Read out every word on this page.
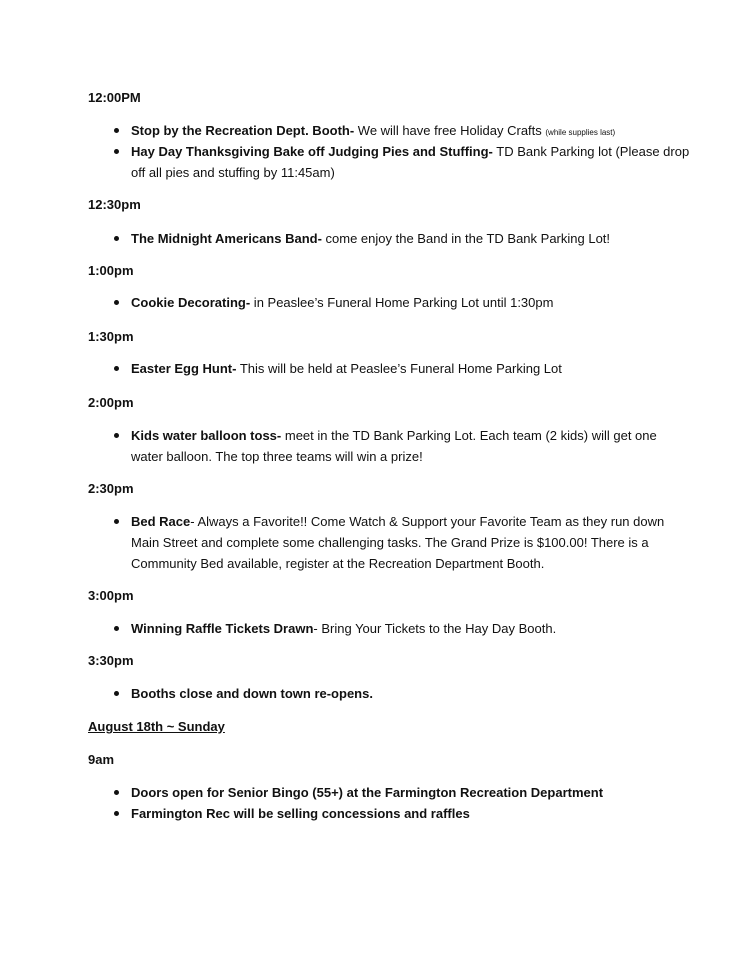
12:00PM
Stop by the Recreation Dept. Booth- We will have free Holiday Crafts (while supplies last)
Hay Day Thanksgiving Bake off Judging Pies and Stuffing- TD Bank Parking lot (Please drop off all pies and stuffing by 11:45am)
12:30pm
The Midnight Americans Band- come enjoy the Band in the TD Bank Parking Lot!
1:00pm
Cookie Decorating- in Peaslee’s Funeral Home Parking Lot until 1:30pm
1:30pm
Easter Egg Hunt- This will be held at Peaslee’s Funeral Home Parking Lot
2:00pm
Kids water balloon toss- meet in the TD Bank Parking Lot. Each team (2 kids) will get one water balloon. The top three teams will win a prize!
2:30pm
Bed Race- Always a Favorite!! Come Watch & Support your Favorite Team as they run down Main Street and complete some challenging tasks. The Grand Prize is $100.00! There is a Community Bed available, register at the Recreation Department Booth.
3:00pm
Winning Raffle Tickets Drawn- Bring Your Tickets to the Hay Day Booth.
3:30pm
Booths close and down town re-opens.
August 18th ~ Sunday
9am
Doors open for Senior Bingo (55+) at the Farmington Recreation Department
Farmington Rec will be selling concessions and raffles
